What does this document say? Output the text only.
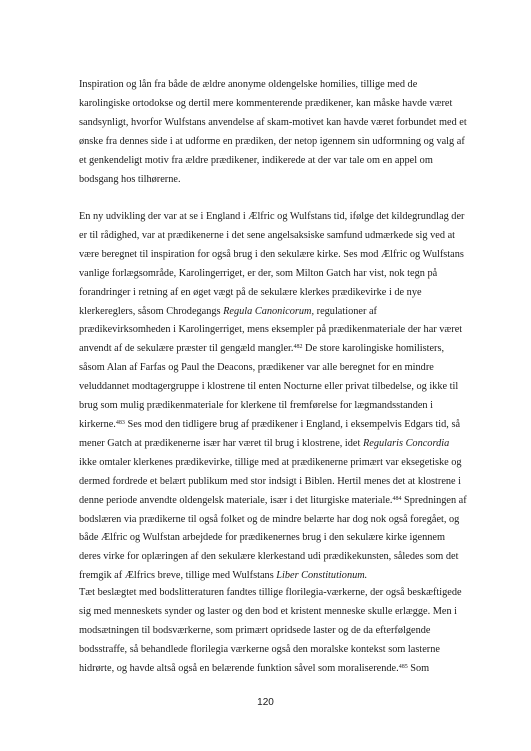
Inspiration og lån fra både de ældre anonyme oldengelske homilies, tillige med de
karolingiske ortodokse og dertil mere kommenterende prædikener, kan måske havde været
sandsynligt, hvorfor Wulfstans anvendelse af skam-motivet kan havde været forbundet med et
ønske fra dennes side i at udforme en prædiken, der netop igennem sin udformning og valg af
et genkendeligt motiv fra ældre prædikener, indikerede at der var tale om en appel om
bodsgang hos tilhørerne.

En ny udvikling der var at se i England i Ælfric og Wulfstans tid, ifølge det kildegrundlag der
er til rådighed, var at prædikenerne i det sene angelsaksiske samfund udmærkede sig ved at
være beregnet til inspiration for også brug i den sekulære kirke. Ses mod Ælfric og Wulfstans
vanlige forlægsområde, Karolingerriget, er der, som Milton Gatch har vist, nok tegn på
forandringer i retning af en øget vægt på de sekulære klerkes prædikevirke i de nye
klerkereglers, såsom Chrodegangs Regula Canonicorum, regulationer af
prædikevirksomheden i Karolingerriget, mens eksempler på prædikenmateriale der har været
anvendt af de sekulære præster til gengæld mangler.$^{482}$ De store karolingiske homilisters,
såsom Alan af Farfas og Paul the Deacons, prædikener var alle beregnet for en mindre
veluddannet modtagergruppe i klostrene til enten Nocturne eller privat tilbedelse, og ikke til
brug som mulig prædikenmateriale for klerkene til fremførelse for lægmandsstanden i
kirkerne.$^{483}$ Ses mod den tidligere brug af prædikener i England, i eksempelvis Edgars tid, så
mener Gatch at prædikenerne især har været til brug i klostrene, idet Regularis Concordia
ikke omtaler klerkenes prædikevirke, tillige med at prædikenerne primært var eksegetiske og
dermed fordrede et belært publikum med stor indsigt i Biblen. Hertil menes det at klostrene i
denne periode anvendte oldengelsk materiale, især i det liturgiske materiale.$^{484}$ Spredningen af
bodslæren via prædikerne til også folket og de mindre belærte har dog nok også foregået, og
både Ælfric og Wulfstan arbejdede for prædikenernes brug i den sekulære kirke igennem
deres virke for oplæringen af den sekulære klerkestand udi prædikekunsten, således som det
fremgik af Ælfrics breve, tillige med Wulfstans Liber Constitutionum.

Tæt beslægtet med bodslitteraturen fandtes tillige florilegia-værkerne, der også beskæftigede
sig med menneskets synder og laster og den bod et kristent menneske skulle erlægge. Men i
modsætningen til bodsværkerne, som primært opridsede laster og de da efterfølgende
bodsstraffe, så behandlede florilegia værkerne også den moralske kontekst som lasterne
hidrørte, og havde altså også en belærende funktion såvel som moraliserende.$^{485}$ Som

120
